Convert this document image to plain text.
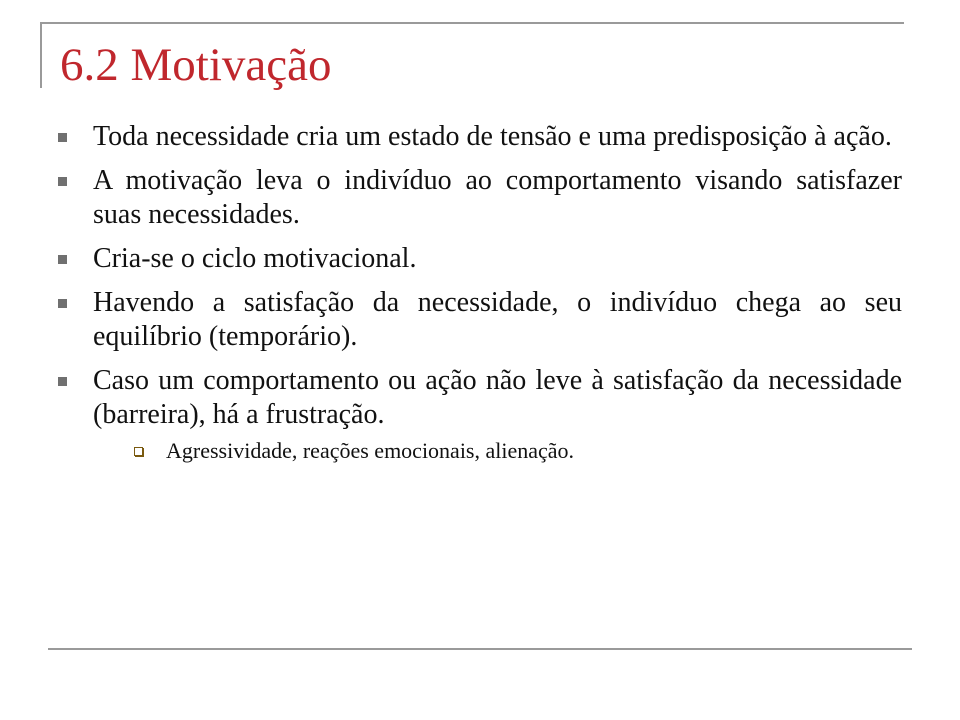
6.2 Motivação
Toda necessidade cria um estado de tensão e uma predisposição à ação.
A motivação leva o indivíduo ao comportamento visando satisfazer suas necessidades.
Cria-se o ciclo motivacional.
Havendo a satisfação da necessidade, o indivíduo chega ao seu equilíbrio (temporário).
Caso um comportamento ou ação não leve à satisfação da necessidade (barreira), há a frustração.
Agressividade, reações emocionais, alienação.
